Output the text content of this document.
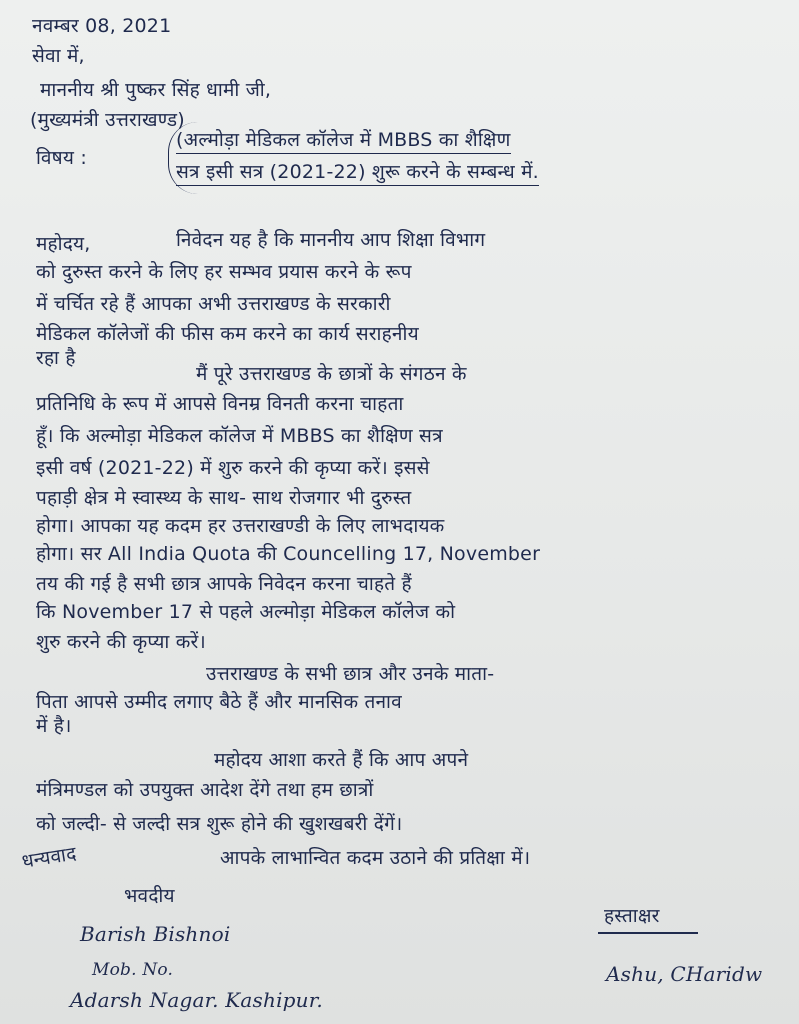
नवम्बर 08, 2021
सेवा में,
माननीय श्री पुष्कर सिंह धामी जी,
(मुख्यमंत्री उत्तराखण्ड)
विषय :
(अल्मोड़ा मेडिकल कॉलेज में MBBS का शैक्षिण
सत्र इसी सत्र (2021-22) शुरू करने के सम्बन्ध में.
महोदय,	निवेदन यह है कि माननीय आप शिक्षा विभाग
को दुरुस्त करने के लिए हर सम्भव प्रयास करने के रूप
में चर्चित रहे हैं आपका अभी उत्तराखण्ड के सरकारी
मेडिकल कॉलेजों की फीस कम करने का कार्य सराहनीय
रहा है
मैं पूरे उत्तराखण्ड के छात्रों के संगठन के
प्रतिनिधि के रूप में आपसे विनम्र विनती करना चाहता
हूँ। कि अल्मोड़ा मेडिकल कॉलेज में MBBS का शैक्षिण सत्र
इसी वर्ष (2021-22) में शुरु करने की कृप्या करें। इससे
पहाड़ी क्षेत्र मे स्वास्थ्य के साथ- साथ रोजगार भी दुरुस्त
होगा। आपका यह कदम हर उत्तराखण्डी के लिए लाभदायक
होगा। सर All India Quota की Councelling 17, November
तय की गई है सभी छात्र आपके निवेदन करना चाहते हैं
कि November 17 से पहले अल्मोड़ा मेडिकल कॉलेज को
शुरु करने की कृप्या करें।
उत्तराखण्ड के सभी छात्र और उनके माता-
पिता आपसे उम्मीद लगाए बैठे हैं और मानसिक तनाव
में है।
महोदय आशा करते हैं कि आप अपने
मंत्रिमण्डल को उपयुक्त आदेश देंगे तथा हम छात्रों
को जल्दी- से जल्दी सत्र शुरू होने की खुशखबरी देंगें।
धन्यवाद	आपके लाभान्वित कदम उठाने की प्रतिक्षा में।
भवदीय
Barish Bishnoi
Mob. No.
Adarsh Nagar. Kashipur.
हस्ताक्षर
Ashu, CHaridw
